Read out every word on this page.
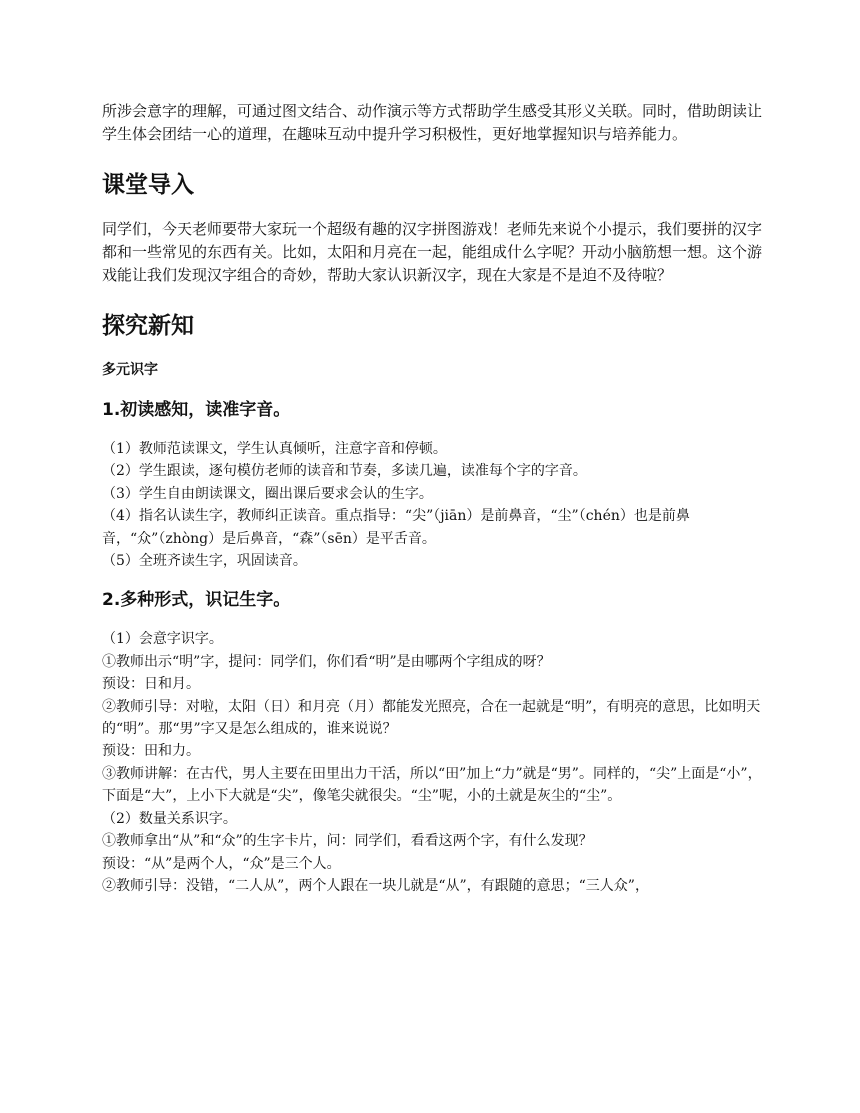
所涉会意字的理解，可通过图文结合、动作演示等方式帮助学生感受其形义关联。同时，借助朗读让学生体会团结一心的道理，在趣味互动中提升学习积极性，更好地掌握知识与培养能力。

课堂导入

同学们，今天老师要带大家玩一个超级有趣的汉字拼图游戏！老师先来说个小提示，我们要拼的汉字都和一些常见的东西有关。比如，太阳和月亮在一起，能组成什么字呢？开动小脑筋想一想。这个游戏能让我们发现汉字组合的奇妙，帮助大家认识新汉字，现在大家是不是迫不及待啦？

探究新知
多元识字
1.初读感知，读准字音。
（1）教师范读课文，学生认真倾听，注意字音和停顿。
（2）学生跟读，逐句模仿老师的读音和节奏，多读几遍，读准每个字的字音。
（3）学生自由朗读课文，圈出课后要求会认的生字。
（4）指名认读生字，教师纠正读音。重点指导：“尖”（jiān）是前鼻音，“尘”（chén）也是前鼻音，“众”（zhòng）是后鼻音，“森”（sēn）是平舌音。
（5）全班齐读生字，巩固读音。
2.多种形式，识记生字。
（1）会意字识字。
①教师出示“明”字，提问：同学们，你们看“明”是由哪两个字组成的呀？
预设：日和月。
②教师引导：对啦，太阳（日）和月亮（月）都能发光照亮，合在一起就是“明”，有明亮的意思，比如明天的“明”。那“男”字又是怎么组成的，谁来说说？
预设：田和力。
③教师讲解：在古代，男人主要在田里出力干活，所以“田”加上“力”就是“男”。同样的，“尖”上面是“小”，下面是“大”，上小下大就是“尖”，像笔尖就很尖。“尘”呢，小的土就是灰尘的“尘”。
（2）数量关系识字。
①教师拿出“从”和“众”的生字卡片，问：同学们，看看这两个字，有什么发现？
预设：“从”是两个人，“众”是三个人。
②教师引导：没错，“二人从”，两个人跟在一块儿就是“从”，有跟随的意思；“三人众”，
